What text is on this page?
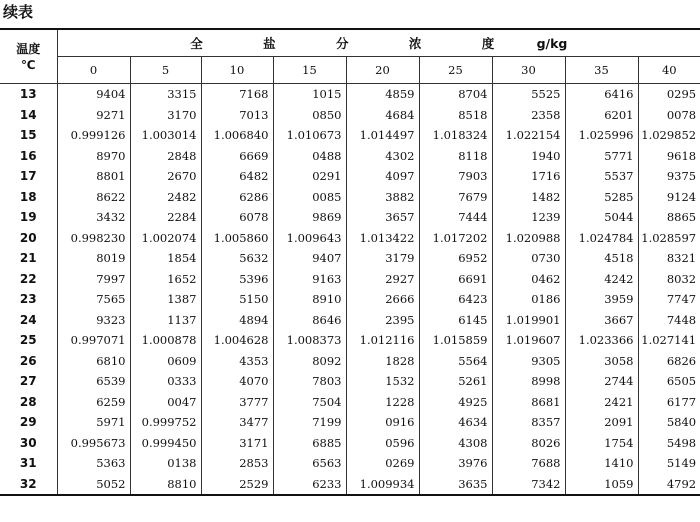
续表
温度
℃	全 盐 分 浓 度 g/kg								
	0	5	10	15	20	25	30	35	40
13	9404	3315	7168	1015	4859	8704	5525	6416	0295
14	9271	3170	7013	0850	4684	8518	2358	6201	0078
15	0.999126	1.003014	1.006840	1.010673	1.014497	1.018324	1.022154	1.025996	1.029852
16	8970	2848	6669	0488	4302	8118	1940	5771	9618
17	8801	2670	6482	0291	4097	7903	1716	5537	9375
18	8622	2482	6286	0085	3882	7679	1482	5285	9124
19	3432	2284	6078	9869	3657	7444	1239	5044	8865
20	0.998230	1.002074	1.005860	1.009643	1.013422	1.017202	1.020988	1.024784	1.028597
21	8019	1854	5632	9407	3179	6952	0730	4518	8321
22	7997	1652	5396	9163	2927	6691	0462	4242	8032
23	7565	1387	5150	8910	2666	6423	0186	3959	7747
24	9323	1137	4894	8646	2395	6145	1.019901	3667	7448
25	0.997071	1.000878	1.004628	1.008373	1.012116	1.015859	1.019607	1.023366	1.027141
26	6810	0609	4353	8092	1828	5564	9305	3058	6826
27	6539	0333	4070	7803	1532	5261	8998	2744	6505
28	6259	0047	3777	7504	1228	4925	8681	2421	6177
29	5971	0.999752	3477	7199	0916	4634	8357	2091	5840
30	0.995673	0.999450	3171	6885	0596	4308	8026	1754	5498
31	5363	0138	2853	6563	0269	3976	7688	1410	5149
32	5052	8810	2529	6233	1.009934	3635	7342	1059	4792
